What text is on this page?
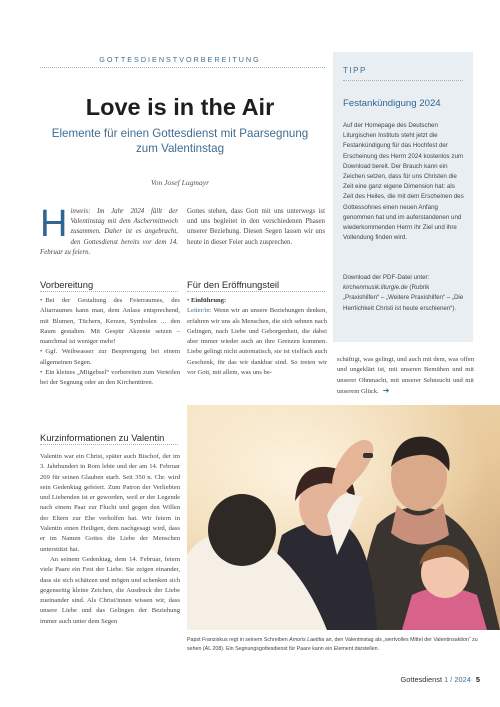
GOTTESDIENSTVORBEREITUNG
Love is in the Air
Elemente für einen Gottesdienst mit Paarsegnung zum Valentinstag
Von Josef Lugmayr
Hinweis: Im Jahr 2024 fällt der Valentinstag mit dem Aschermittwoch zusammen. Daher ist es angebracht, den Gottesdienst bereits vor dem 14. Februar zu feiern.
Gottes stehen, dass Gott mit uns unterwegs ist und uns begleitet in den verschiedenen Phasen unserer Beziehung. Diesen Segen lassen wir uns heute in dieser Feier auch zusprechen.
Vorbereitung

• Bei der Gestaltung des Feierraumes, des Altarraumes kann man, dem Anlass entsprechend, mit Blumen, Tüchern, Kerzen, Symbolen … den Raum gestalten. Mit Gespür Akzente setzen – manchmal ist weniger mehr!

• Ggf. Weihwasser zur Besprengung bei einem allgemeinen Segen.

• Ein kleines „Mitgebsel“ vorbereiten zum Verteilen bei der Segnung oder an den Kirchentüren.

Für den Eröffnungsteil

• Einführung:

Leiter/in: Wenn wir an unsere Beziehungen denken, erfahren wir uns als Menschen, die sich sehnen nach Gelingen, nach Liebe und Geborgenheit, die dabei aber immer wieder auch an ihre Grenzen kommen. Liebe gelingt nicht automatisch, sie ist vielfach auch Geschenk, für das wir dankbar sind. So treten wir vor Gott, mit allem, was uns be-

schäftigt, was gelingt, und auch mit dem, was offen und ungeklärt ist, mit unseren Bemühen und mit unserer Ohnmacht, mit unserer Sehnsucht und mit unserem Glück. ➔
TIPP
Festankündigung 2024
Auf der Homepage des Deutschen Liturgischen Instituts steht jetzt die Festankündigung für das Hochfest der Erscheinung des Herrn 2024 kostenlos zum Download bereit. Der Brauch kann ein Zeichen setzen, dass für uns Christen die Zeit eine ganz eigene Dimension hat: als Zeit des Heiles, die mit dem Erscheinen des Gottessohnes einen neuen Anfang genommen hat und im auferstandenen und wiederkommenden Herrn ihr Ziel und ihre Vollendung finden wird.
Download der PDF-Datei unter:
kirchenmusik.liturgie.de (Rubrik „Praxishilfen“ – „Weitere Praxishilfen“ – „Die Herrlichkeit Christi ist heute erschienen“).
Kurzinformationen zu Valentin

Valentin war ein Christ, später auch Bischof, der im 3. Jahrhundert in Rom lebte und der am 14. Februar 269 für seinen Glauben starb. Seit 350 n. Chr. wird sein Gedenktag gefeiert. Zum Patron der Verliebten und Liebenden ist er geworden, weil er der Legende nach einem Paar zur Flucht und gegen den Willen der Eltern zur Ehe verholfen hat. Wir feiern in Valentin einen Heiligen, dem nachgesagt wird, dass er im Namen Gottes die Liebe der Menschen unterstützt hat.

An seinem Gedenktag, dem 14. Februar, feiern viele Paare ein Fest der Liebe. Sie zeigen einander, dass sie sich schätzen und mögen und schenken sich gegenseitig kleine Zeichen, die Ausdruck der Liebe zueinander sind. Als Christ/innen wissen wir, dass unsere Liebe und das Gelingen der Beziehung immer auch unter dem Segen

Papst Franziskus regt in seinem Schreiben Amoris Laetitia an, den Valentinstag als „wertvolles Mittel der Valentinsaktion“ zu sehen (AL 208). Ein Segnungsgottesdienst für Paare kann ein Element darstellen.
Gottesdienst 1 / 2024 5
